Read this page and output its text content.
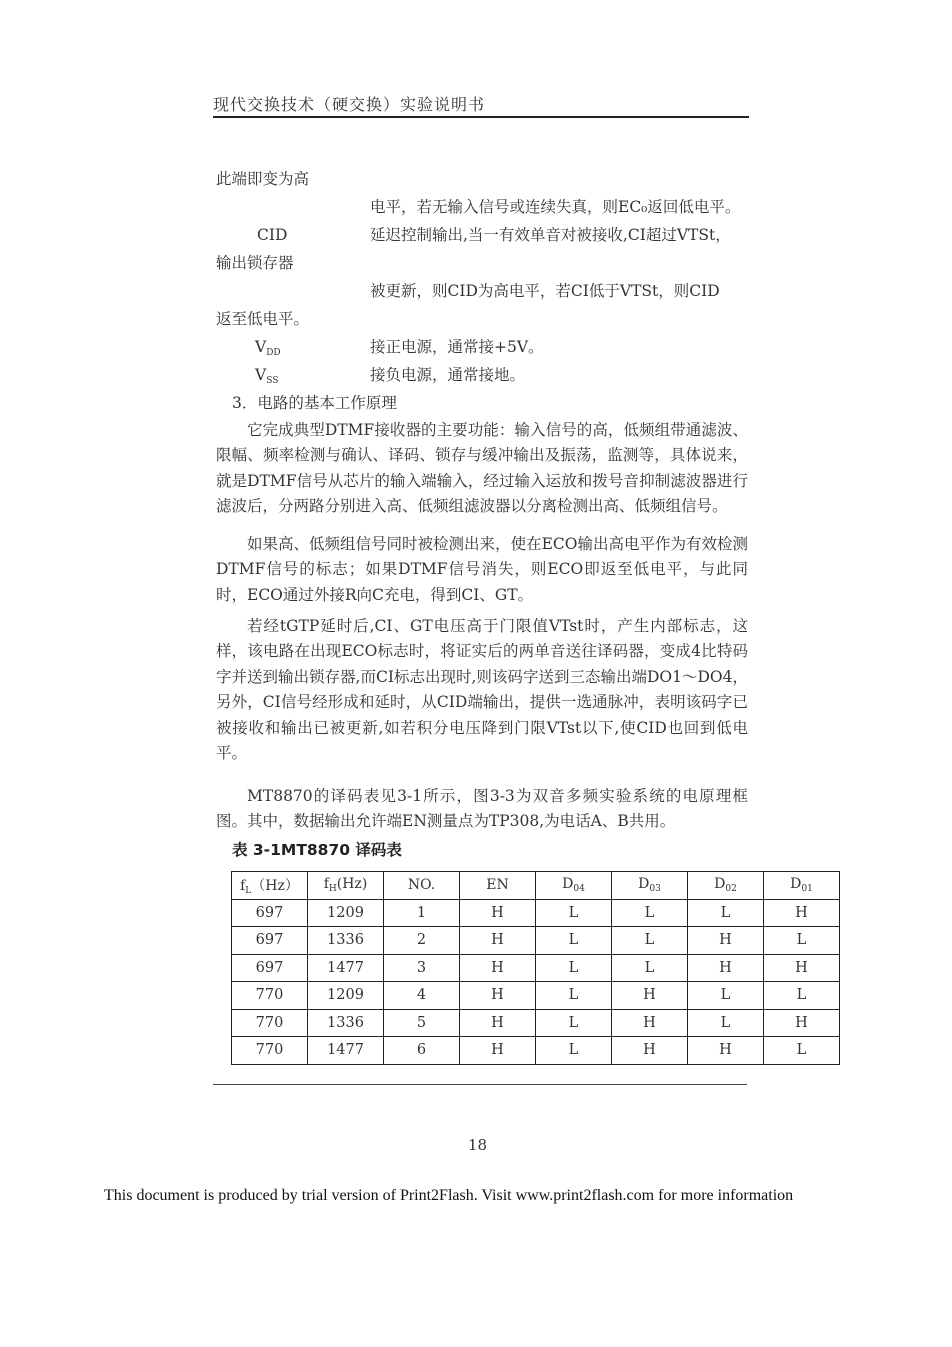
现代交换技术（硬交换）实验说明书
此端即变为高
电平，若无输入信号或连续失真，则EC₀返回低电平。
CID	延迟控制输出,当一有效单音对被接收,CI超过VTSt，
输出锁存器
被更新，则CID为高电平，若CI低于VTSt，则CID
返至低电平。
$V_{DD}$	接正电源，通常接+5V。
$V_{SS}$	接负电源，通常接地。
3．电路的基本工作原理
它完成典型DTMF接收器的主要功能：输入信号的高，低频组带通滤波、限幅、频率检测与确认、译码、锁存与缓冲输出及振荡，监测等，具体说来，就是DTMF信号从芯片的输入端输入，经过输入运放和拨号音抑制滤波器进行滤波后，分两路分别进入高、低频组滤波器以分离检测出高、低频组信号。
如果高、低频组信号同时被检测出来，使在ECO输出高电平作为有效检测DTMF信号的标志；如果DTMF信号消失，则ECO即返至低电平，与此同时，ECO通过外接R向C充电，得到CI、GT。
若经tGTP延时后,CI、GT电压高于门限值VTst时，产生内部标志，这样，该电路在出现ECO标志时，将证实后的两单音送往译码器，变成4比特码字并送到输出锁存器,而CI标志出现时,则该码字送到三态输出端DO1～DO4，另外，CI信号经形成和延时，从CID端输出，提供一选通脉冲，表明该码字已被接收和输出已被更新,如若积分电压降到门限VTst以下,使CID也回到低电平。
MT8870的译码表见3-1所示，图3-3为双音多频实验系统的电原理框图。其中，数据输出允许端EN测量点为TP308,为电话A、B共用。
表 3-1MT8870 译码表
$f_L(Hz)$	$f_H(Hz)$	NO.	EN	$D_{04}$	$D_{03}$	$D_{02}$	$D_{01}$
697	1209	1	H	L	L	L	H
697	1336	2	H	L	L	H	L
697	1477	3	H	L	L	H	H
770	1209	4	H	L	H	L	L
770	1336	5	H	L	H	L	H
770	1477	6	H	L	H	H	L
18
This document is produced by trial version of Print2Flash. Visit www.print2flash.com for more information
